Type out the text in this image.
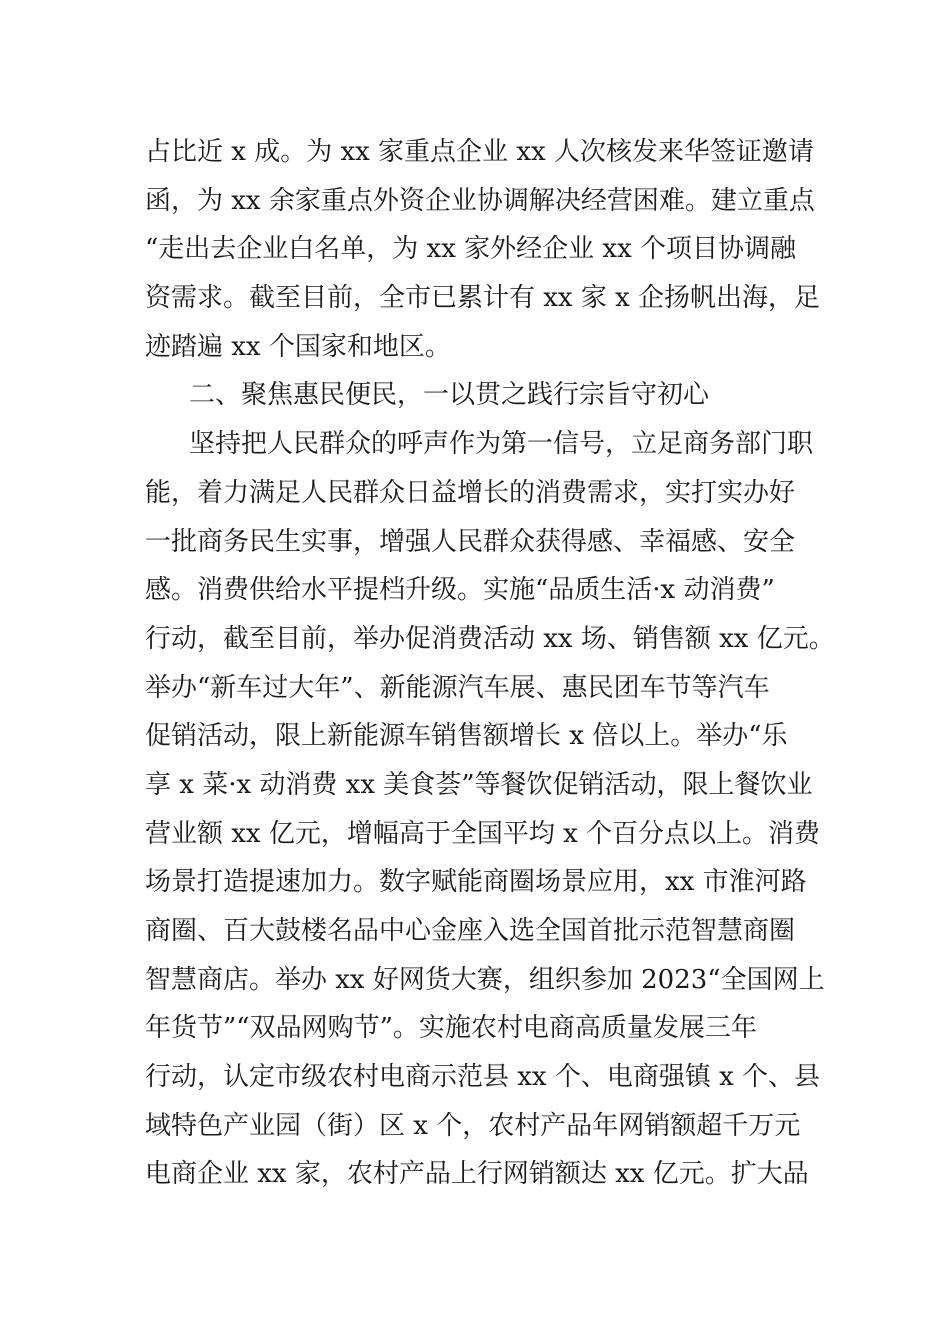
占比近 x 成。为 xx 家重点企业 xx 人次核发来华签证邀请
函，为 xx 余家重点外资企业协调解决经营困难。建立重点
“走出去企业白名单，为 xx 家外经企业 xx 个项目协调融
资需求。截至目前，全市已累计有 xx 家 x 企扬帆出海，足
迹踏遍 xx 个国家和地区。
二、聚焦惠民便民，一以贯之践行宗旨守初心
坚持把人民群众的呼声作为第一信号，立足商务部门职
能，着力满足人民群众日益增长的消费需求，实打实办好
一批商务民生实事，增强人民群众获得感、幸福感、安全
感。消费供给水平提档升级。实施“品质生活·x 动消费”
行动，截至目前，举办促消费活动 xx 场、销售额 xx 亿元。
举办“新车过大年”、新能源汽车展、惠民团车节等汽车
促销活动，限上新能源车销售额增长 x 倍以上。举办“乐
享 x 菜·x 动消费 xx 美食荟”等餐饮促销活动，限上餐饮业
营业额 xx 亿元，增幅高于全国平均 x 个百分点以上。消费
场景打造提速加力。数字赋能商圈场景应用，xx 市淮河路
商圈、百大鼓楼名品中心金座入选全国首批示范智慧商圈
智慧商店。举办 xx 好网货大赛，组织参加 2023“全国网上
年货节”“双品网购节”。实施农村电商高质量发展三年
行动，认定市级农村电商示范县 xx 个、电商强镇 x 个、县
域特色产业园（街）区 x 个，农村产品年网销额超千万元
电商企业 xx 家，农村产品上行网销额达 xx 亿元。扩大品
